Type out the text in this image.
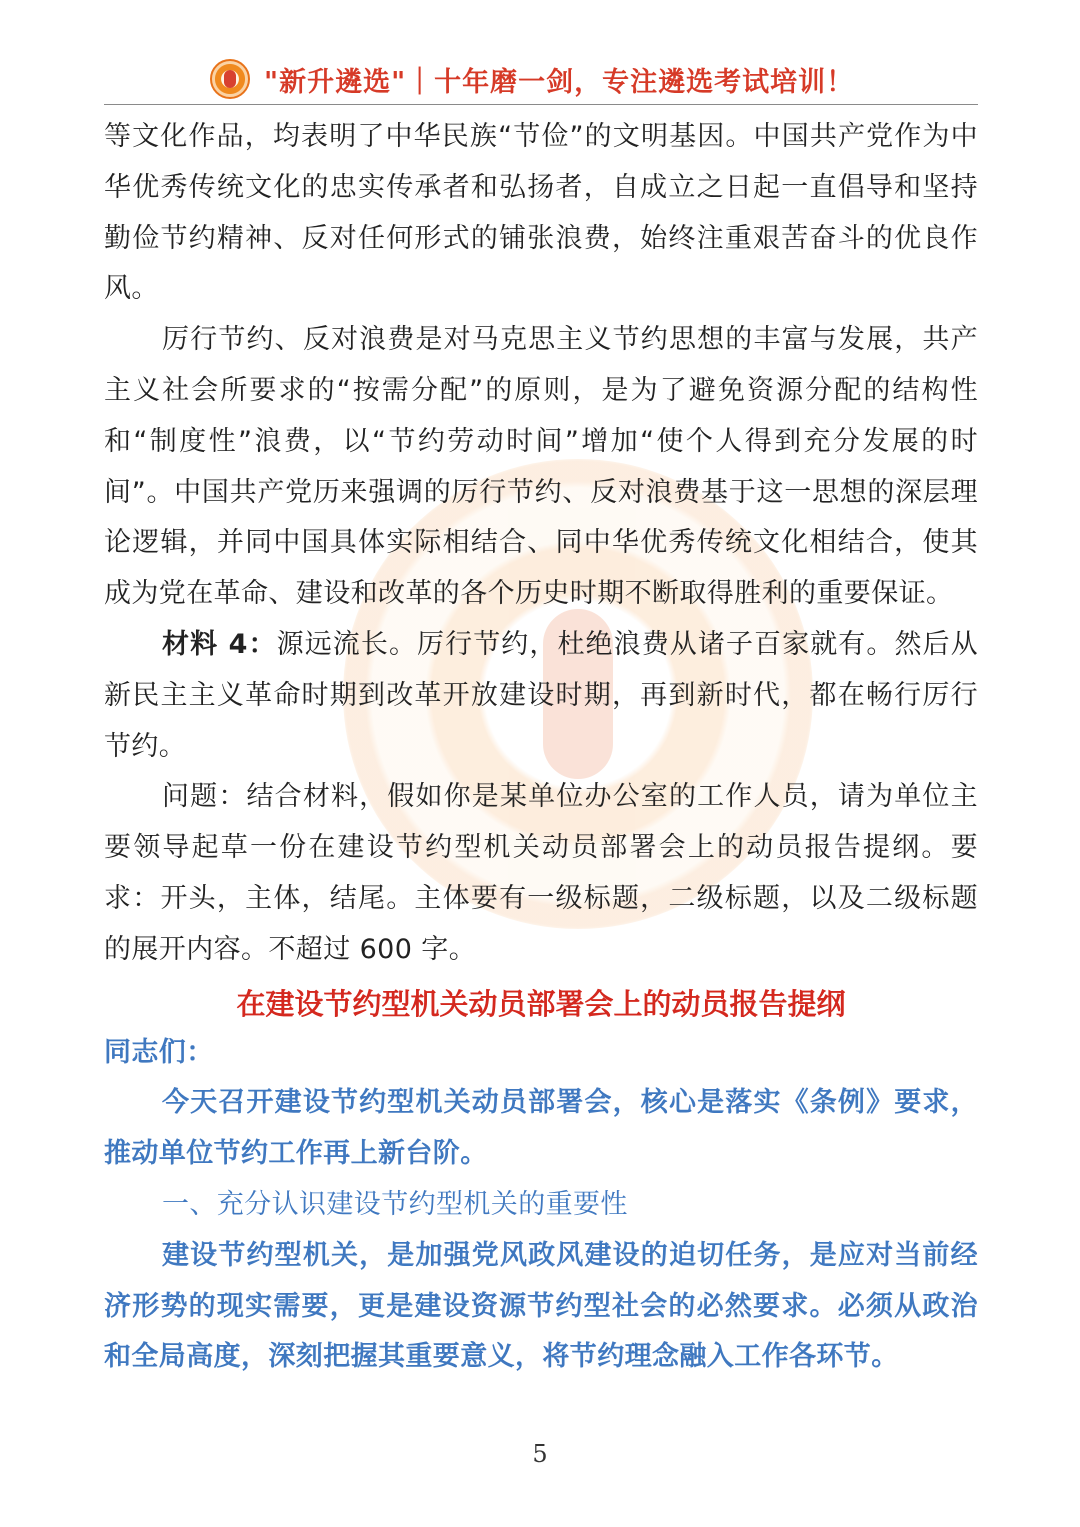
"新升遴选"｜十年磨一剑，专注遴选考试培训！

等文化作品，均表明了中华民族“节俭”的文明基因。中国共产党作为中华优秀传统文化的忠实传承者和弘扬者，自成立之日起一直倡导和坚持勤俭节约精神、反对任何形式的铺张浪费，始终注重艰苦奋斗的优良作风。

厉行节约、反对浪费是对马克思主义节约思想的丰富与发展，共产主义社会所要求的“按需分配”的原则，是为了避免资源分配的结构性和“制度性”浪费，以“节约劳动时间”增加“使个人得到充分发展的时间”。中国共产党历来强调的厉行节约、反对浪费基于这一思想的深层理论逻辑，并同中国具体实际相结合、同中华优秀传统文化相结合，使其成为党在革命、建设和改革的各个历史时期不断取得胜利的重要保证。

材料 4：源远流长。厉行节约，杜绝浪费从诸子百家就有。然后从新民主主义革命时期到改革开放建设时期，再到新时代，都在畅行厉行节约。

问题：结合材料，假如你是某单位办公室的工作人员，请为单位主要领导起草一份在建设节约型机关动员部署会上的动员报告提纲。要求：开头，主体，结尾。主体要有一级标题，二级标题，以及二级标题的展开内容。不超过 600 字。

在建设节约型机关动员部署会上的动员报告提纲

同志们：

今天召开建设节约型机关动员部署会，核心是落实《条例》要求，推动单位节约工作再上新台阶。

一、充分认识建设节约型机关的重要性

建设节约型机关，是加强党风政风建设的迫切任务，是应对当前经济形势的现实需要，更是建设资源节约型社会的必然要求。必须从政治和全局高度，深刻把握其重要意义，将节约理念融入工作各环节。

5
